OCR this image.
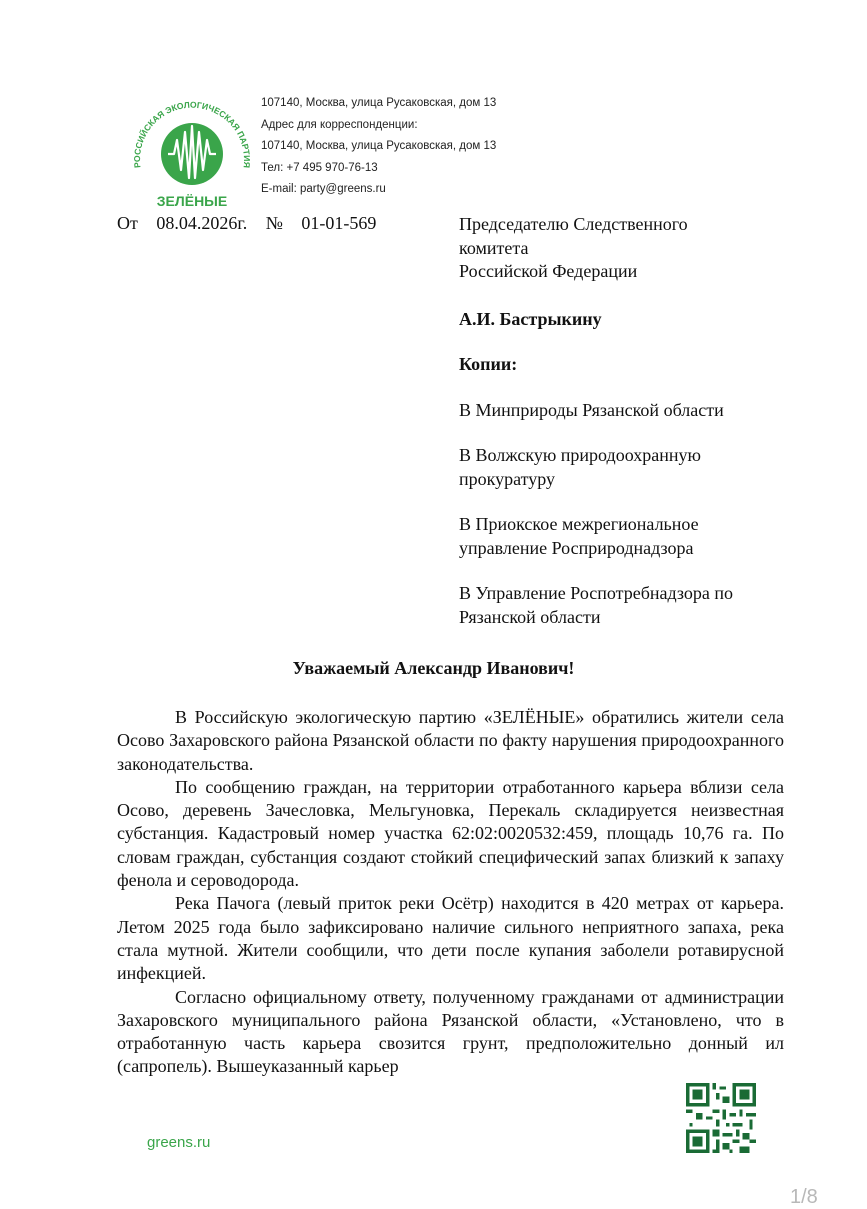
РОССИЙСКАЯ ЭКОЛОГИЧЕСКАЯ ПАРТИЯ
ЗЕЛЁНЫЕ
107140, Москва, улица Русаковская, дом 13
Адрес для корреспонденции:
107140, Москва, улица Русаковская, дом 13
Тел: +7 495 970-76-13
E-mail: party@greens.ru
От 08.04.2026г. № 01-01-569	Председателю Следственного

комитета

Российской Федерации

А.И. Бастрыкину

Копии:

В Минприроды Рязанской области

В Волжскую природоохранную

прокуратуру

В Приокское межрегиональное

управление Росприроднадзора

В Управление Роспотребнадзора по

Рязанской области

Уважаемый Александр Иванович!

В Российскую экологическую партию «ЗЕЛЁНЫЕ» обратились жители села Осово Захаровского района Рязанской области по факту нарушения природоохранного законодательства.

По сообщению граждан, на территории отработанного карьера вблизи села Осово, деревень Зачесловка, Мельгуновка, Перекаль складируется неизвестная субстанция. Кадастровый номер участка 62:02:0020532:459, площадь 10,76 га. По словам граждан, субстанция создают стойкий специфический запах близкий к запаху фенола и сероводорода.

Река Пачога (левый приток реки Осётр) находится в 420 метрах от карьера. Летом 2025 года было зафиксировано наличие сильного неприятного запаха, река стала мутной. Жители сообщили, что дети после купания заболели ротавирусной инфекцией.

Согласно официальному ответу, полученному гражданами от администрации Захаровского муниципального района Рязанской области, «Установлено, что в отработанную часть карьера свозится грунт, предположительно донный ил (сапропель). Вышеуказанный карьер

greens.ru
1/8
